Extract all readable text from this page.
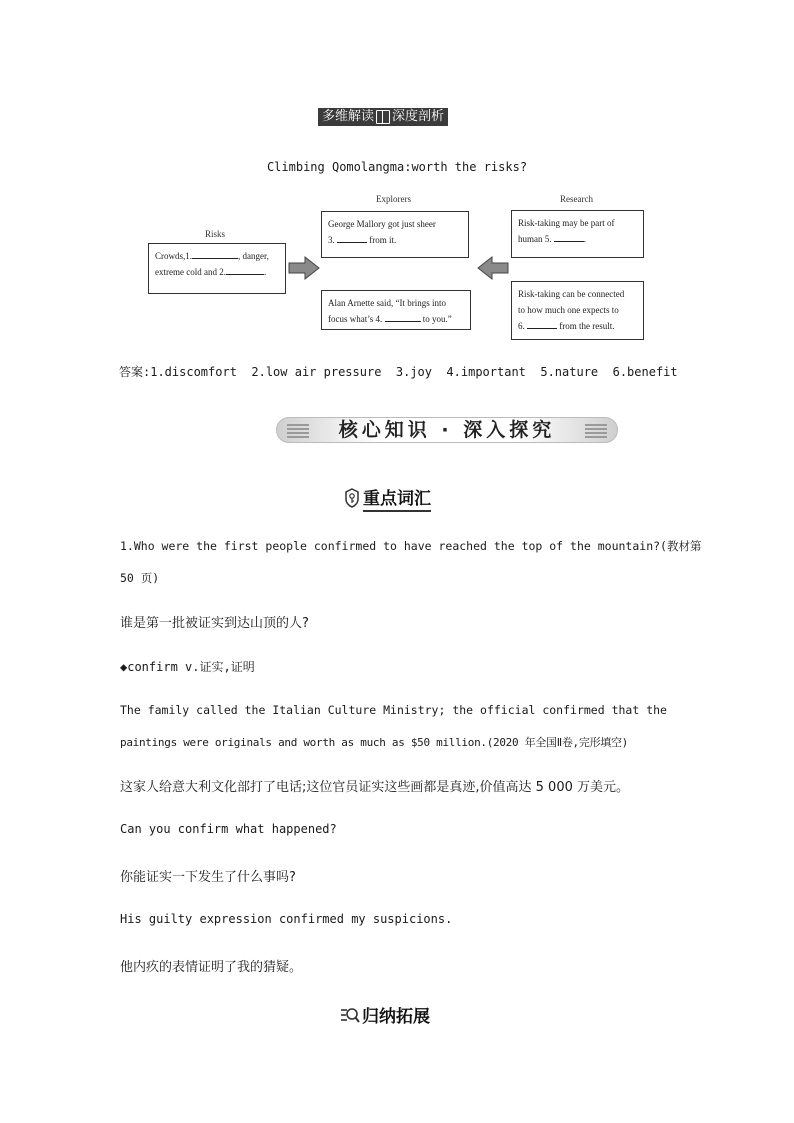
多维解读 深度剖析
Climbing Qomolangma:worth the risks?
Explorers	Research
Risks
Crowds,1.	, danger,
extreme cold and 2.	.
George Mallory got just sheer
3.	from it.
Alan Arnette said, “It brings into
focus what’s 4.	to you.”
Risk-taking may be part of
human 5.	.
Risk-taking can be connected
to how much one expects to
6.	from the result.
答案:1.discomfort  2.low air pressure  3.joy  4.important  5.nature  6.benefit
核心知识 · 深入探究
重点词汇
1.Who were the first people confirmed to have reached the top of the mountain?(教材第
50 页)
谁是第一批被证实到达山顶的人?
◆confirm v.证实,证明
The family called the Italian Culture Ministry; the official confirmed that the
paintings were originals and worth as much as $50 million.(2020 年全国Ⅱ卷,完形填空)
这家人给意大利文化部打了电话;这位官员证实这些画都是真迹,价值高达 5 000 万美元。
Can you confirm what happened?
你能证实一下发生了什么事吗?
His guilty expression confirmed my suspicions.
他内疚的表情证明了我的猜疑。
归纳拓展
